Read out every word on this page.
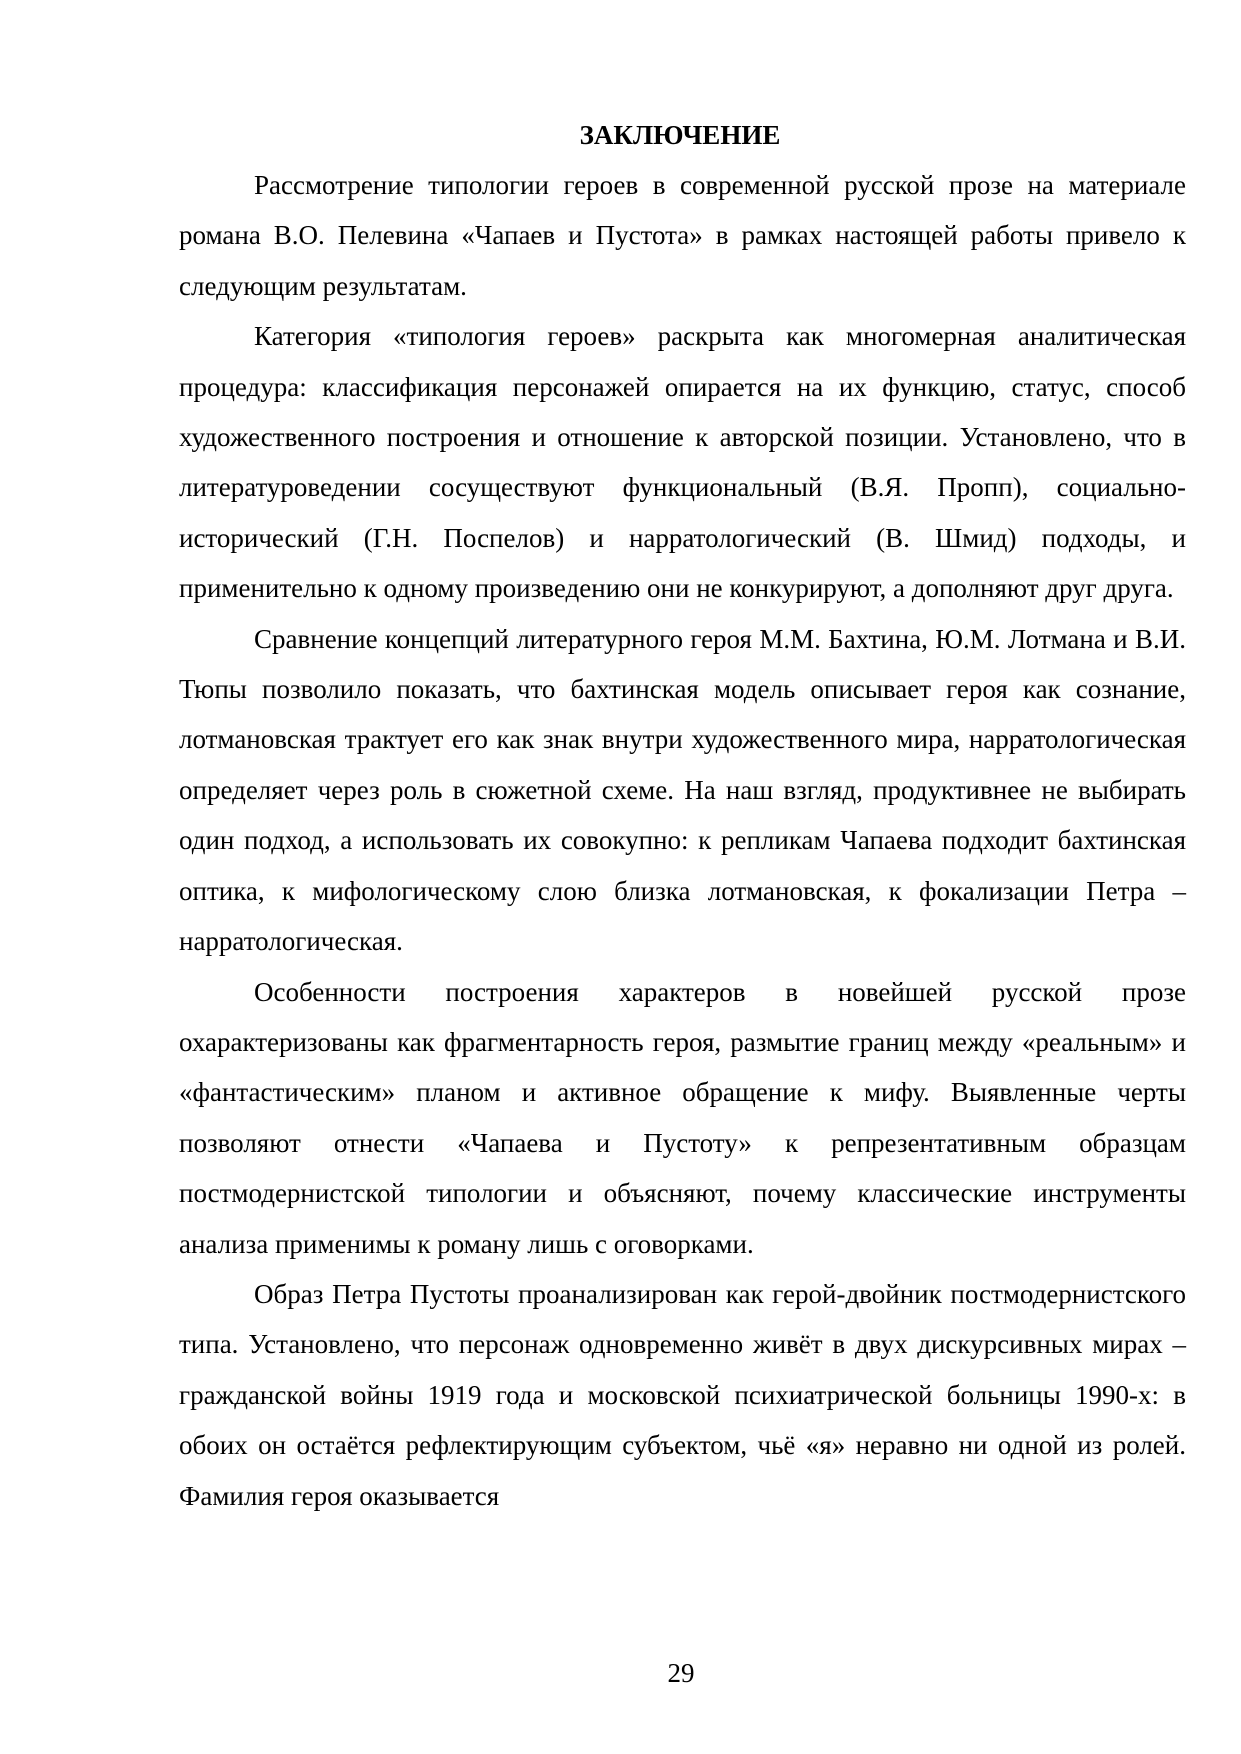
ЗАКЛЮЧЕНИЕ

Рассмотрение типологии героев в современной русской прозе на материале романа В.О. Пелевина «Чапаев и Пустота» в рамках настоящей работы привело к следующим результатам.

Категория «типология героев» раскрыта как многомерная аналитическая процедура: классификация персонажей опирается на их функцию, статус, способ художественного построения и отношение к авторской позиции. Установлено, что в литературоведении сосуществуют функциональный (В.Я. Пропп), социально-исторический (Г.Н. Поспелов) и нарратологический (В. Шмид) подходы, и применительно к одному произведению они не конкурируют, а дополняют друг друга.

Сравнение концепций литературного героя М.М. Бахтина, Ю.М. Лотмана и В.И. Тюпы позволило показать, что бахтинская модель описывает героя как сознание, лотмановская трактует его как знак внутри художественного мира, нарратологическая определяет через роль в сюжетной схеме. На наш взгляд, продуктивнее не выбирать один подход, а использовать их совокупно: к репликам Чапаева подходит бахтинская оптика, к мифологическому слою близка лотмановская, к фокализации Петра – нарратологическая.

Особенности построения характеров в новейшей русской прозе охарактеризованы как фрагментарность героя, размытие границ между «реальным» и «фантастическим» планом и активное обращение к мифу. Выявленные черты позволяют отнести «Чапаева и Пустоту» к репрезентативным образцам постмодернистской типологии и объясняют, почему классические инструменты анализа применимы к роману лишь с оговорками.

Образ Петра Пустоты проанализирован как герой-двойник постмодернистского типа. Установлено, что персонаж одновременно живёт в двух дискурсивных мирах – гражданской войны 1919 года и московской психиатрической больницы 1990-х: в обоих он остаётся рефлектирующим субъектом, чьё «я» неравно ни одной из ролей. Фамилия героя оказывается

29
